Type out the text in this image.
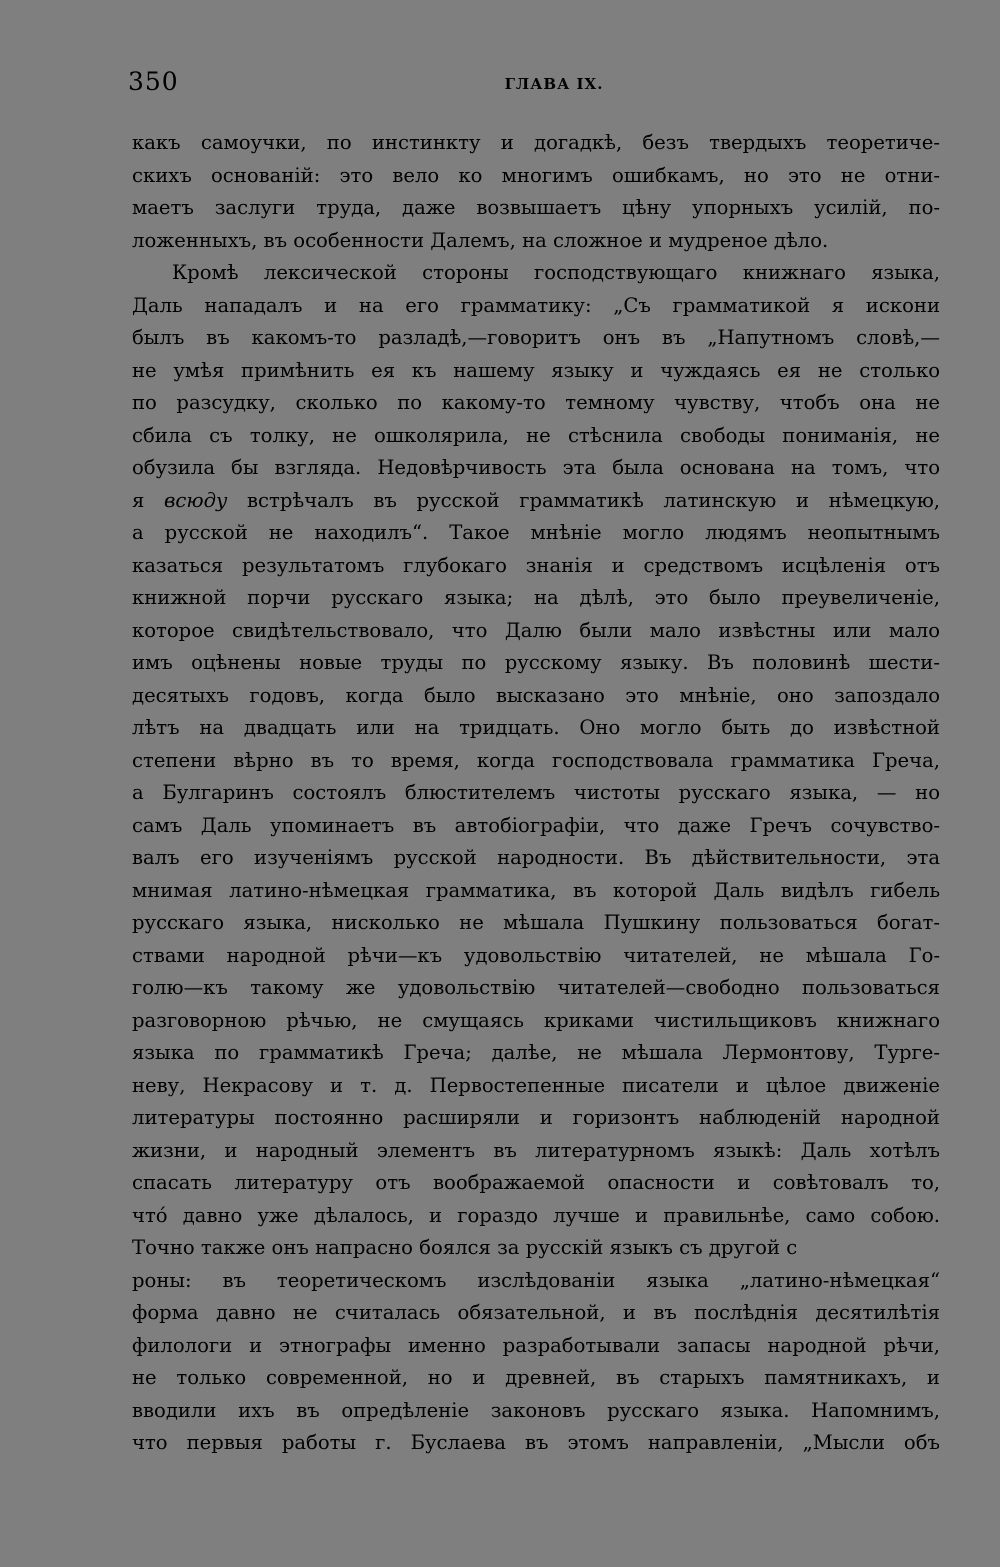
350	ГЛАВА IX.
какъ самоучки, по инстинкту и догадкѣ, безъ твердыхъ теоретиче-
скихъ основаній: это вело ко многимъ ошибкамъ, но это не отни-
маетъ заслуги труда, даже возвышаетъ цѣну упорныхъ усилій, по-
ложенныхъ, въ особенности Далемъ, на сложное и мудреное дѣло.
Кромѣ лексической стороны господствующаго книжнаго языка,
Даль нападалъ и на его грамматику: „Съ грамматикой я искони
былъ въ какомъ-то разладѣ,—говоритъ онъ въ „Напутномъ словѣ,—
не умѣя примѣнить ея къ нашему языку и чуждаясь ея не столько
по разсудку, сколько по какому-то темному чувству, чтобъ она не
сбила съ толку, не ошколярила, не стѣснила свободы пониманія, не
обузила бы взгляда. Недовѣрчивость эта была основана на томъ, что
я всюду встрѣчалъ въ русской грамматикѣ латинскую и нѣмецкую,
а русской не находилъ“. Такое мнѣніе могло людямъ неопытнымъ
казаться результатомъ глубокаго знанія и средствомъ исцѣленія отъ
книжной порчи русскаго языка; на дѣлѣ, это было преувеличеніе,
которое свидѣтельствовало, что Далю были мало извѣстны или мало
имъ оцѣнены новые труды по русскому языку. Въ половинѣ шести-
десятыхъ годовъ, когда было высказано это мнѣніе, оно запоздало
лѣтъ на двадцать или на тридцать. Оно могло быть до извѣстной
степени вѣрно въ то время, когда господствовала грамматика Греча,
а Булгаринъ состоялъ блюстителемъ чистоты русскаго языка, — но
самъ Даль упоминаетъ въ автобіографіи, что даже Гречъ сочувство-
валъ его изученіямъ русской народности. Въ дѣйствительности, эта
мнимая латино-нѣмецкая грамматика, въ которой Даль видѣлъ гибель
русскаго языка, нисколько не мѣшала Пушкину пользоваться богат-
ствами народной рѣчи—къ удовольствію читателей, не мѣшала Го-
голю—къ такому же удовольствію читателей—свободно пользоваться
разговорною рѣчью, не смущаясь криками чистильщиковъ книжнаго
языка по грамматикѣ Греча; далѣе, не мѣшала Лермонтову, Турге-
неву, Некрасову и т. д. Первостепенные писатели и цѣлое движеніе
литературы постоянно расширяли и горизонтъ наблюденій народной
жизни, и народный элементъ въ литературномъ языкѣ: Даль хотѣлъ
спасать литературу отъ воображаемой опасности и совѣтовалъ то,
что́ давно уже дѣлалось, и гораздо лучше и правильнѣе, само собою.
Точно также онъ напрасно боялся за русскій языкъ съ другой с
роны: въ теоретическомъ изслѣдованіи языка „латино-нѣмецкая“
форма давно не считалась обязательной, и въ послѣднія десятилѣтія
филологи и этнографы именно разработывали запасы народной рѣчи,
не только современной, но и древней, въ старыхъ памятникахъ, и
вводили ихъ въ опредѣленіе законовъ русскаго языка. Напомнимъ,
что первыя работы г. Буслаева въ этомъ направленіи, „Мысли объ
